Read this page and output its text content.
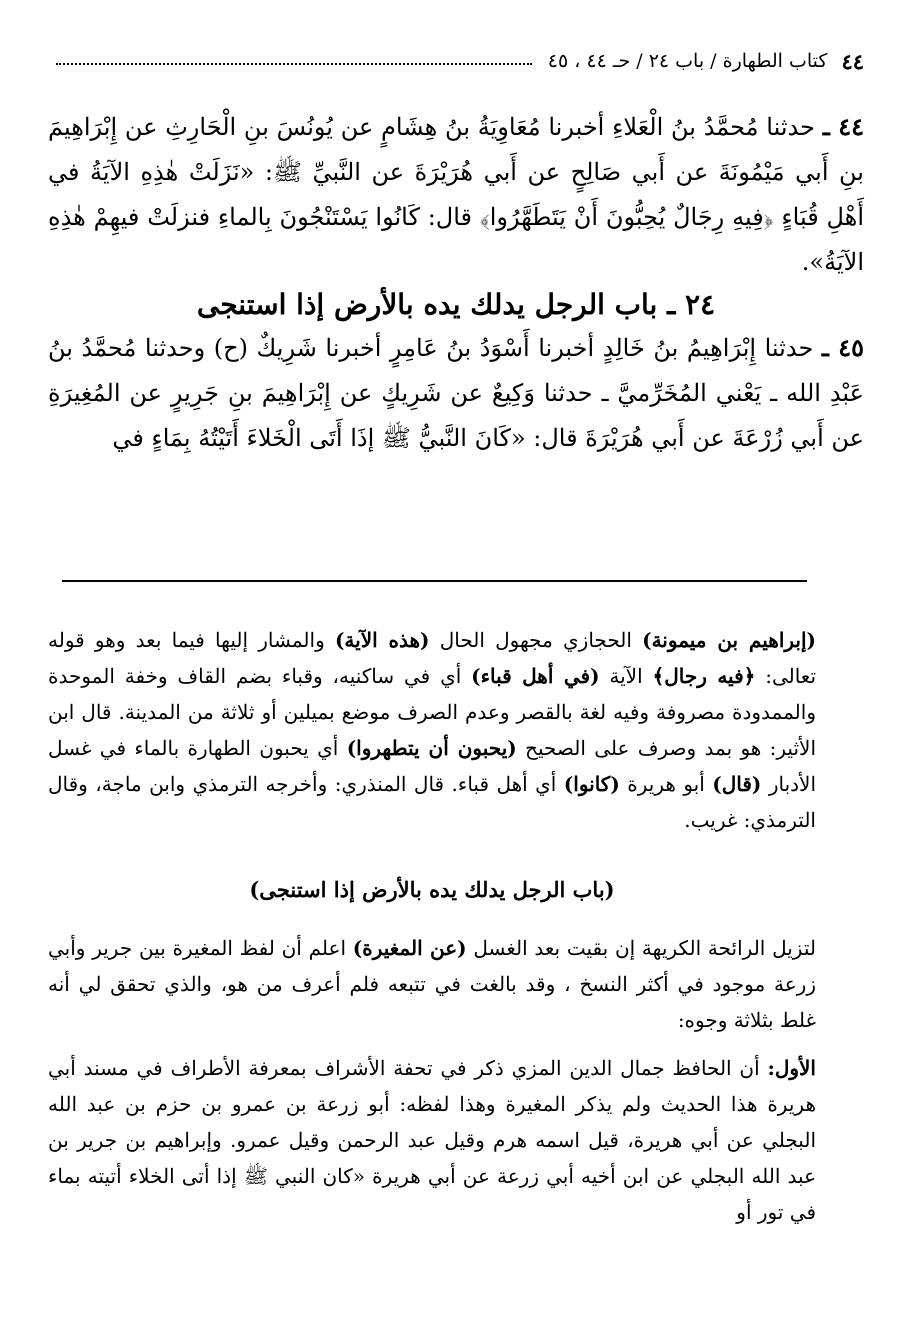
٤٤
كتاب الطهارة / باب ٢٤ / حـ ٤٤ ، ٤٥

٤٤ ـ حدثنا مُحمَّدُ بنُ الْعَلاءِ أخبرنا مُعَاوِيَةُ بنُ هِشَامٍ عن يُونُسَ بنِ الْحَارِثِ عن إِبْرَاهِيمَ بنِ أَبي مَيْمُونَةَ عن أَبي صَالِحٍ عن أَبي هُرَيْرَةَ عن النَّبيِّ ﷺ: «نَزَلَتْ هٰذِهِ الآيَةُ في أَهْلِ قُبَاءٍ ﴿فِيهِ رِجَالٌ يُحِبُّونَ أَنْ يَتَطَهَّرُوا﴾ قال: كَانُوا يَسْتَنْجُونَ بِالماءِ فنزلَتْ فيهِمْ هٰذِهِ الآيَةُ».

٢٤ ـ باب الرجل يدلك يده بالأرض إذا استنجى

٤٥ ـ حدثنا إِبْرَاهِيمُ بنُ خَالِدٍ أخبرنا أَسْوَدُ بنُ عَامِرٍ أخبرنا شَرِيكٌ (ح) وحدثنا مُحمَّدُ بنُ عَبْدِ الله ـ يَعْني المُخَرِّميَّ ـ حدثنا وَكِيعٌ عن شَرِيكٍ عن إِبْرَاهِيمَ بنِ جَرِيرٍ عن المُغِيرَةِ عن أَبي زُرْعَةَ عن أَبي هُرَيْرَةَ قال: «كَانَ النَّبيُّ ﷺ إذَا أَتَى الْخَلاءَ أَتَيْتُهُ بِمَاءٍ في

(إبراهيم بن ميمونة) الحجازي مجهول الحال (هذه الآية) والمشار إليها فيما بعد وهو قوله تعالى: ﴿فيه رجال﴾ الآية (في أهل قباء) أي في ساكنيه، وقباء بضم القاف وخفة الموحدة والممدودة مصروفة وفيه لغة بالقصر وعدم الصرف موضع بميلين أو ثلاثة من المدينة. قال ابن الأثير: هو بمد وصرف على الصحيح (يحبون أن يتطهروا) أي يحبون الطهارة بالماء في غسل الأدبار (قال) أبو هريرة (كانوا) أي أهل قباء. قال المنذري: وأخرجه الترمذي وابن ماجة، وقال الترمذي: غريب.

(باب الرجل يدلك يده بالأرض إذا استنجى)

لتزيل الرائحة الكريهة إن بقيت بعد الغسل (عن المغيرة) اعلم أن لفظ المغيرة بين جرير وأبي زرعة موجود في أكثر النسخ ، وقد بالغت في تتبعه فلم أعرف من هو، والذي تحقق لي أنه غلط بثلاثة وجوه:

الأول: أن الحافظ جمال الدين المزي ذكر في تحفة الأشراف بمعرفة الأطراف في مسند أبي هريرة هذا الحديث ولم يذكر المغيرة وهذا لفظه: أبو زرعة بن عمرو بن حزم بن عبد الله البجلي عن أبي هريرة، قيل اسمه هرم وقيل عبد الرحمن وقيل عمرو. وإبراهيم بن جرير بن عبد الله البجلي عن ابن أخيه أبي زرعة عن أبي هريرة «كان النبي ﷺ إذا أتى الخلاء أتيته بماء في تور أو
